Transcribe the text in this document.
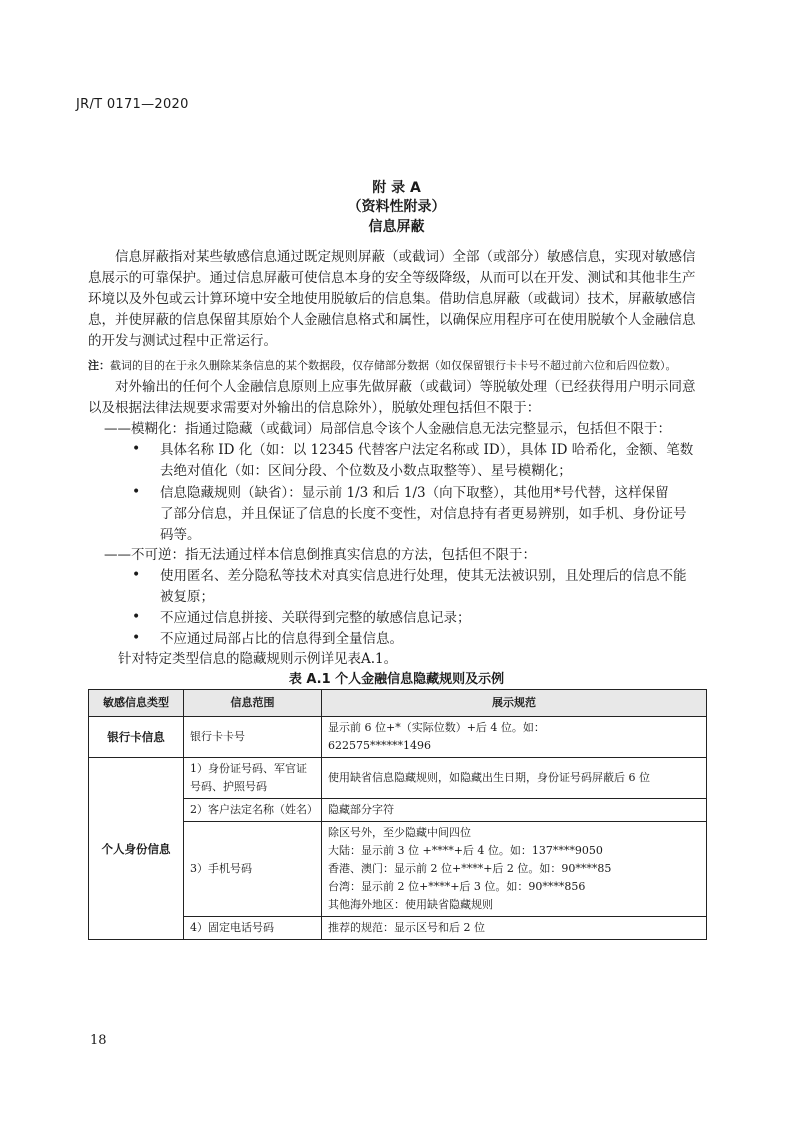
JR/T 0171—2020
附 录 A
（资料性附录）
信息屏蔽
信息屏蔽指对某些敏感信息通过既定规则屏蔽（或截词）全部（或部分）敏感信息，实现对敏感信
息展示的可靠保护。通过信息屏蔽可使信息本身的安全等级降级，从而可以在开发、测试和其他非生产
环境以及外包或云计算环境中安全地使用脱敏后的信息集。借助信息屏蔽（或截词）技术，屏蔽敏感信
息，并使屏蔽的信息保留其原始个人金融信息格式和属性，以确保应用程序可在使用脱敏个人金融信息
的开发与测试过程中正常运行。
注：截词的目的在于永久删除某条信息的某个数据段，仅存储部分数据（如仅保留银行卡卡号不超过前六位和后四位数）。
对外输出的任何个人金融信息原则上应事先做屏蔽（或截词）等脱敏处理（已经获得用户明示同意
以及根据法律法规要求需要对外输出的信息除外），脱敏处理包括但不限于：
——模糊化：指通过隐藏（或截词）局部信息令该个人金融信息无法完整显示，包括但不限于：
• 具体名称 ID 化（如：以 12345 代替客户法定名称或 ID），具体 ID 哈希化，金额、笔数
去绝对值化（如：区间分段、个位数及小数点取整等）、星号模糊化；
• 信息隐藏规则（缺省）：显示前 1/3 和后 1/3（向下取整），其他用*号代替，这样保留
了部分信息，并且保证了信息的长度不变性，对信息持有者更易辨别，如手机、身份证号
码等。
——不可逆：指无法通过样本信息倒推真实信息的方法，包括但不限于：
• 使用匿名、差分隐私等技术对真实信息进行处理，使其无法被识别，且处理后的信息不能
被复原；
• 不应通过信息拼接、关联得到完整的敏感信息记录；
• 不应通过局部占比的信息得到全量信息。
针对特定类型信息的隐藏规则示例详见表A.1。
表 A.1 个人金融信息隐藏规则及示例
敏感信息类型	信息范围	展示规范
银行卡信息	银行卡卡号	显示前 6 位+*（实际位数）+后 4 位。如：
622575******1496

个人身份信息	1）身份证号码、军官证号码、护照号码	使用缺省信息隐藏规则，如隐藏出生日期，身份证号码屏蔽后 6 位
	2）客户法定名称（姓名）	隐藏部分字符
	3）手机号码	除区号外，至少隐藏中间四位
大陆：显示前 3 位 +****+后 4 位。如：137****9050
香港、澳门：显示前 2 位+****+后 2 位。如：90****85
台湾：显示前 2 位+****+后 3 位。如：90****856
其他海外地区：使用缺省隐藏规则

	4）固定电话号码	推荐的规范：显示区号和后 2 位
18
